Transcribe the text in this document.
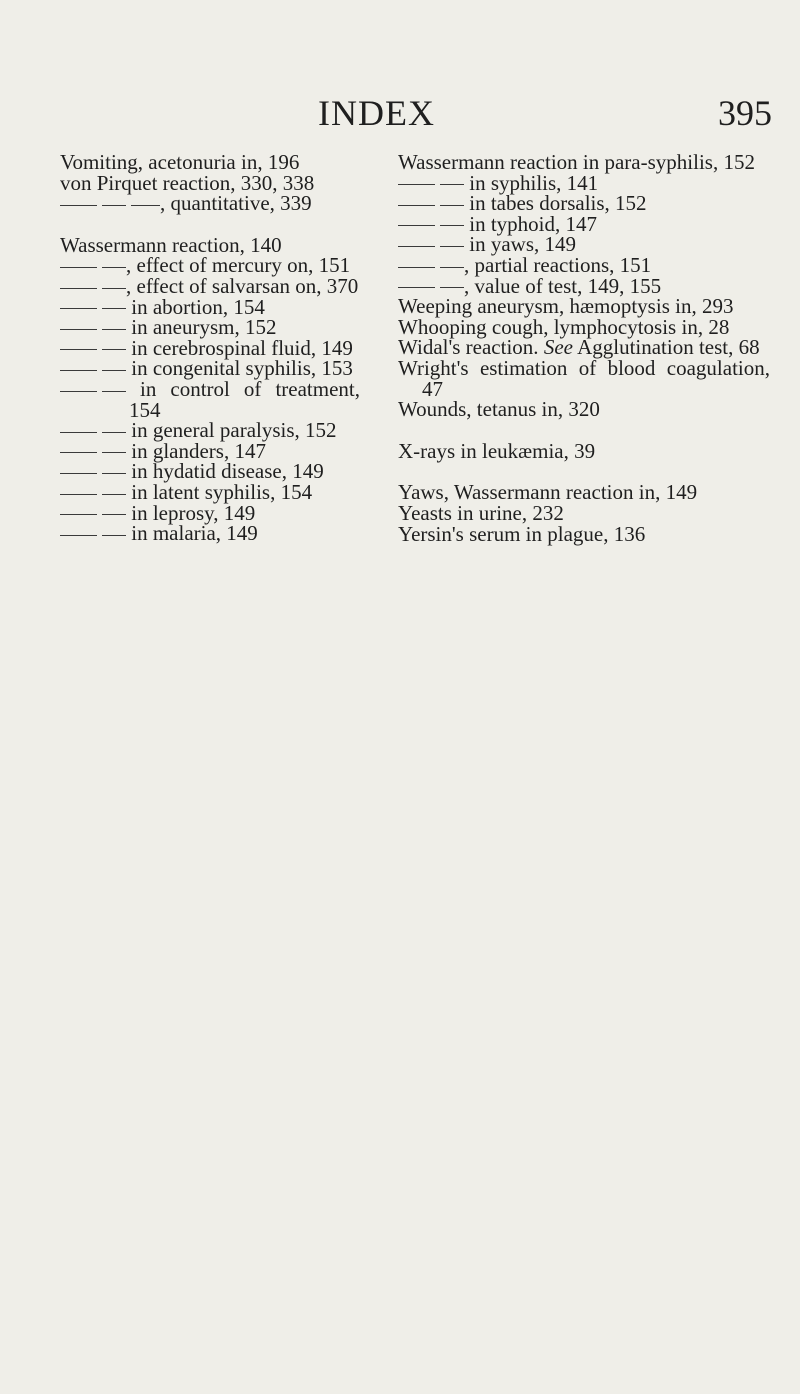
INDEX	395

Vomiting, acetonuria in, 196

von Pirquet reaction, 330, 338

, quantitative, 339

Wassermann reaction, 140

, effect of mercury on, 151

, effect of salvarsan on, 370

in abortion, 154

in aneurysm, 152

in cerebrospinal fluid, 149

in congenital syphilis, 153

in control of treatment, 154

in general paralysis, 152

in glanders, 147

in hydatid disease, 149

in latent syphilis, 154

in leprosy, 149

in malaria, 149

Wassermann reaction in para-syphilis, 152

in syphilis, 141

in tabes dorsalis, 152

in typhoid, 147

in yaws, 149

, partial reactions, 151

, value of test, 149, 155

Weeping aneurysm, hæmoptysis in, 293

Whooping cough, lymphocytosis in, 28

Widal's reaction. See Agglutination test, 68

Wright's estimation of blood coagulation, 47

Wounds, tetanus in, 320

X-rays in leukæmia, 39

Yaws, Wassermann reaction in, 149

Yeasts in urine, 232

Yersin's serum in plague, 136
